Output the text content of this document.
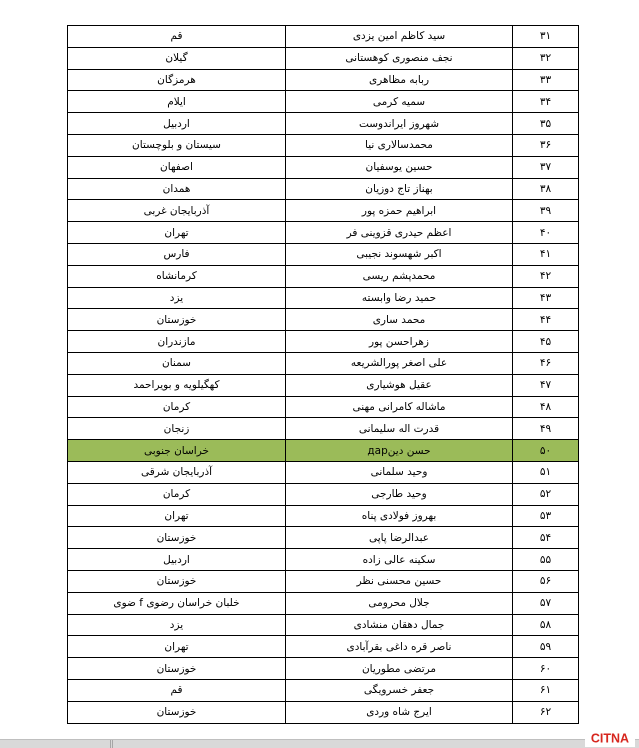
۳۱	سید کاظم امین یزدی	قم
۳۲	نجف منصوری کوهستانی	گیلان
۳۳	ربابه مظاهری	هرمزگان
۳۴	سمیه کرمی	ایلام
۳۵	شهروز ایراندوست	اردبیل
۳۶	محمدسالاری نیا	سیستان و بلوچستان
۳۷	حسین یوسفیان	اصفهان
۳۸	بهناز تاج دوزیان	همدان
۳۹	ابراهیم حمزه پور	آذربایجان غربی
۴۰	اعظم حیدری قزوینی فر	تهران
۴۱	اکبر شهسوند نجیبی	فارس
۴۲	محمدپشم ریسی	کرمانشاه
۴۳	حمید رضا وابسته	یزد
۴۴	محمد ساری	خوزستان
۴۵	زهراحسن پور	مازندران
۴۶	علی اصغر پورالشریعه	سمنان
۴۷	عقیل هوشیاری	کهگیلویه و بویراحمد
۴۸	ماشاله کامرانی مهنی	کرمان
۴۹	قدرت اله سلیمانی	زنجان
۵۰	حسن دینдар	خراسان جنوبی
۵۱	وحید سلمانی	آذربایجان شرقی
۵۲	وحید طارجی	کرمان
۵۳	بهروز فولادی پناه	تهران
۵۴	عبدالرضا پاپی	خوزستان
۵۵	سکینه عالی زاده	اردبیل
۵۶	حسین محسنی نظر	خوزستان
۵۷	جلال محرومی	خلبان خراسان رضوی f ضوی
۵۸	جمال دهقان منشادی	یزد
۵۹	ناصر قره داغی بقرآبادی	تهران
۶۰	مرتضی مطوریان	خوزستان
۶۱	جعفر خسرویگی	قم
۶۲	ایرج شاه وردی	خوزستان
CITNA
